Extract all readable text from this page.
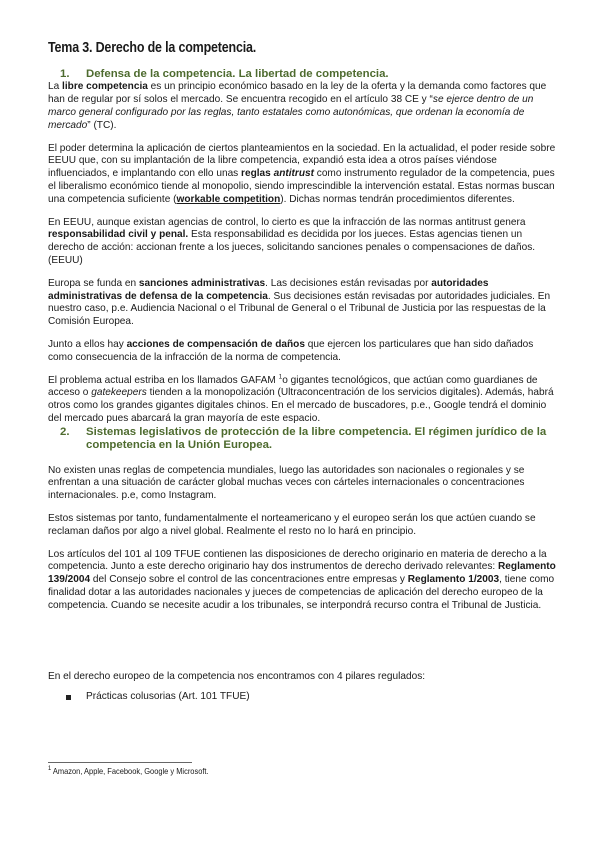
Tema 3. Derecho de la competencia.
1.	Defensa de la competencia. La libertad de competencia.

La libre competencia es un principio económico basado en la ley de la oferta y la demanda como factores que han de regular por sí solos el mercado. Se encuentra recogido en el artículo 38 CE y “se ejerce dentro de un marco general configurado por las reglas, tanto estatales como autonómicas, que ordenan la economía de mercado” (TC).

El poder determina la aplicación de ciertos planteamientos en la sociedad. En la actualidad, el poder reside sobre EEUU que, con su implantación de la libre competencia, expandió esta idea a otros países viéndose influenciados, e implantando con ello unas reglas antitrust como instrumento regulador de la competencia, pues el liberalismo económico tiende al monopolio, siendo imprescindible la intervención estatal. Estas normas buscan una competencia suficiente (workable competition). Dichas normas tendrán procedimientos diferentes.

En EEUU, aunque existan agencias de control, lo cierto es que la infracción de las normas antitrust genera responsabilidad civil y penal. Esta responsabilidad es decidida por los jueces. Estas agencias tienen un derecho de acción: accionan frente a los jueces, solicitando sanciones penales o compensaciones de daños. (EEUU)

Europa se funda en sanciones administrativas. Las decisiones están revisadas por autoridades administrativas de defensa de la competencia. Sus decisiones están revisadas por autoridades judiciales. En nuestro caso, p.e. Audiencia Nacional o el Tribunal de General o el Tribunal de Justicia por las respuestas de la Comisión Europea.

Junto a ellos hay acciones de compensación de daños que ejercen los particulares que han sido dañados como consecuencia de la infracción de la norma de competencia.

El problema actual estriba en los llamados GAFAM $^1$o gigantes tecnológicos, que actúan como guardianes de acceso o gatekeepers tienden a la monopolización (Ultraconcentración de los servicios digitales). Además, habrá otros como los grandes gigantes digitales chinos. En el mercado de buscadores, p.e., Google tendrá el dominio del mercado pues abarcará la gran mayoría de este espacio.

2.	Sistemas legislativos de protección de la libre competencia. El régimen jurídico de la competencia en la Unión Europea.

No existen unas reglas de competencia mundiales, luego las autoridades son nacionales o regionales y se enfrentan a una situación de carácter global muchas veces con cárteles internacionales o concentraciones internacionales. p.e, como Instagram.

Estos sistemas por tanto, fundamentalmente el norteamericano y el europeo serán los que actúen cuando se reclaman daños por algo a nivel global. Realmente el resto no lo hará en principio.

Los artículos del 101 al 109 TFUE contienen las disposiciones de derecho originario en materia de derecho a la competencia. Junto a este derecho originario hay dos instrumentos de derecho derivado relevantes: Reglamento 139/2004 del Consejo sobre el control de las concentraciones entre empresas y Reglamento 1/2003, tiene como finalidad dotar a las autoridades nacionales y jueces de competencias de aplicación del derecho europeo de la competencia. Cuando se necesite acudir a los tribunales, se interpondrá recurso contra el Tribunal de Justicia.

En el derecho europeo de la competencia nos encontramos con 4 pilares regulados:

Prácticas colusorias (Art. 101 TFUE)
$^1$ Amazon, Apple, Facebook, Google y Microsoft.
